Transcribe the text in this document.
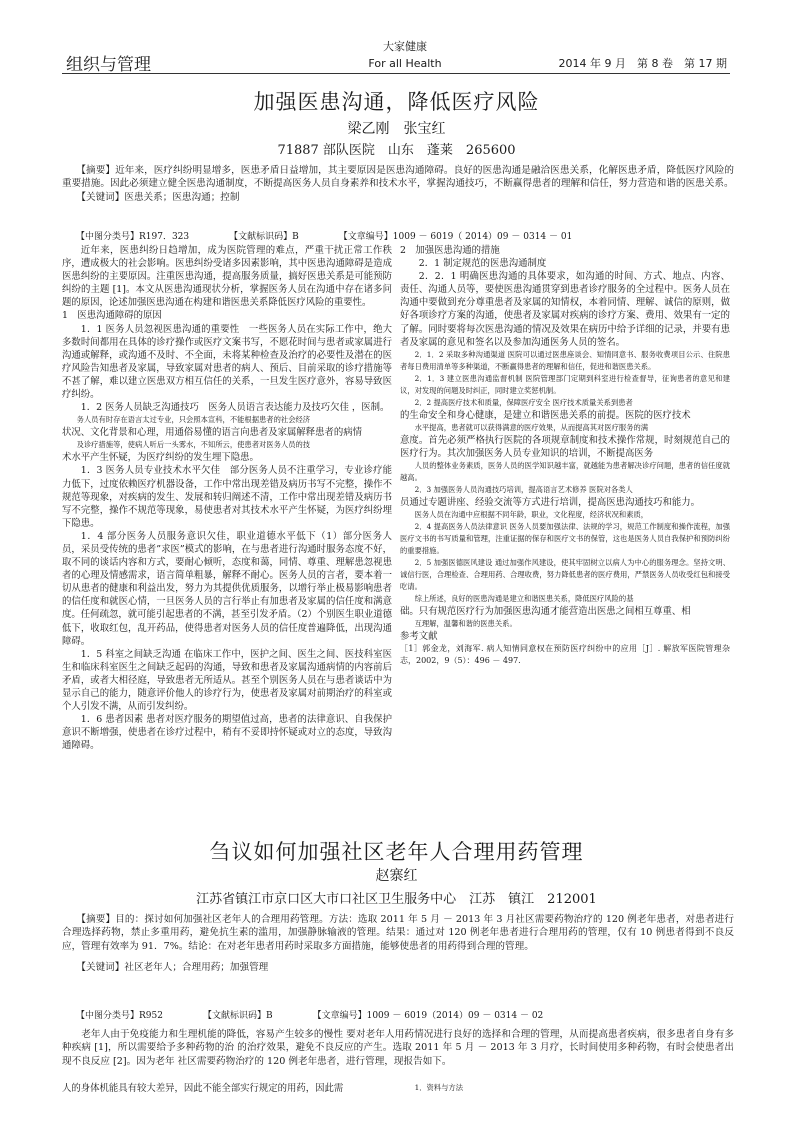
组织与管理
大家健康
For all Health	2014 年 9 月　第 8 卷　第 17 期
加强医患沟通，降低医疗风险
梁乙刚　张宝红
71887 部队医院　山东　蓬莱　265600

【摘要】近年来，医疗纠纷明显增多，医患矛盾日益增加，其主要原因是医患沟通障碍。良好的医患沟通是融洽医患关系，化解医患矛盾，降低医疗风险的重要措施。因此必须建立健全医患沟通制度，不断提高医务人员自身素养和技术水平，掌握沟通技巧，不断赢得患者的理解和信任，努力营造和谐的医患关系。

【关键词】医患关系；医患沟通；控制

【中图分类号】R197．323	【文献标识码】B	【文章编号】1009 － 6019（ 2014）09 － 0314 － 01

近年来，医患纠纷日趋增加，成为医院管理的难点，严重干扰正常工作秩序，遭成极大的社会影响。医患纠纷受诸多因素影响，其中医患沟通障碍是造成医患纠纷的主要原因。注重医患沟通，提高服务质量，搞好医患关系是可能预防纠纷的主题 [1]。本文从医患沟通现状分析，掌握医务人员在沟通中存在诸多问题的原因，论述加强医患沟通在构建和谐医患关系降低医疗风险的重要性。

1　医患沟通障碍的原因

1．1 医务人员忽视医患沟通的重要性　一些医务人员在实际工作中，绝大多数时间都用在具体的诊疗操作或医疗文案书写，不愿花时间与患者或家属进行沟通或解释，或沟通不及时、不全面，未将某种检查及治疗的必要性及潜在的医疗风险告知患者及家属，导致家属对患者的病人、预后、目前采取的诊疗措施等不甚了解，难以建立医患双方相互信任的关系，一旦发生医疗意外，容易导致医疗纠纷。

1．2 医务人员缺乏沟通技巧　医务人员语言表达能力及技巧欠佳 ，医制。

务人员有时存在语言太过专业，只会照本宣科，不能根据患者的社会经济

状况、文化背景和心理，用通俗易懂的语言向患者及家属解释患者的病情

及诊疗措施等，使病人听后一头雾水，不知所云，使患者对医务人员的技

术水平产生怀疑，为医疗纠纷的发生埋下隐患。

1．3 医务人员专业技术水平欠佳　部分医务人员不注重学习，专业诊疗能力低下，过度依赖医疗机器设备，工作中常出现差错及病历书写不完整，操作不规范等现象，对疾病的发生、发展和转归阐述不清，工作中常出现差错及病历书写不完整，操作不规范等现象，易使患者对其技术水平产生怀疑，为医疗纠纷埋下隐患。

1．4 部分医务人员服务意识欠佳，职业道德水平低下（1）部分医务人员，采员受传统的患者”求医”模式的影响，在与患者进行沟通时服务态度不好，取不同的谈话内容和方式，要耐心倾听，态度和蔼，同情、尊重、理解患忽视患者的心理及情感需求，语言简单粗暴，解释不耐心。医务人员的言者，要本着一切从患者的健康和利益出发，努力为其提供优质服务，以增行举止极易影响患者的信任度和就医心情，一旦医务人员的言行举止有加患者及家属的信任度和满意度。任何疏忽，就可能引起患者的不满，甚至引发矛盾。（2）个别医生职业道德低下，收取红包，乱开药品，使得患者对医务人员的信任度普遍降低，出现沟通障碍。

1．5 科室之间缺乏沟通 在临床工作中，医护之间、医生之间、医技科室医生和临床科室医生之间缺乏起码的沟通，导致和患者及家属沟通病情的内容前后矛盾，或者大相径庭，导致患者无所适从。甚至个别医务人员在与患者谈话中为显示自己的能力，随意评价他人的诊疗行为，使患者及家属对前期治疗的科室或个人引发不满，从而引发纠纷。

1．6 患者因素 患者对医疗服务的期望值过高，患者的法律意识、自我保护意识不断增强，使患者在诊疗过程中，稍有不妥即持怀疑或对立的态度，导致沟通障碍。

2　加强医患沟通的措施

2．1 制定规范的医患沟通制度

2．2．1 明确医患沟通的具体要求，如沟通的时间、方式、地点、内容、责任、沟通人员等，要使医患沟通贯穿到患者诊疗服务的全过程中。医务人员在沟通中要做到充分尊重患者及家属的知情权，本着同情、理解、诚信的原则，做好各项诊疗方案的沟通，使患者及家属对疾病的诊疗方案、费用、效果有一定的了解。同时要将每次医患沟通的情况及效果在病历中给予详细的记录，并要有患者及家属的意见和签名以及参加沟通医务人员的签名。

2．1．2 采取多种沟通渠道 医院可以通过医患座谈会、知情同意书、服务收费项目公示、住院患者每日费用清单等多种渠道，不断赢得患者的理解和信任，促进和谐医患关系。

2．1．3 建立医患沟通监督机制 医院管理部门定期到科室进行检查督导，征询患者的意见和建议，对发现的问题及时纠正，同时建立奖惩机制。

2．2 提高医疗技术和质量，保障医疗安全 医疗技术质量关系到患者

的生命安全和身心健康，是建立和谐医患关系的前提。医院的医疗技术

水平提高，患者就可以获得满意的医疗效果，从而提高其对医疗服务的满

意度。首先必须严格执行医院的各项规章制度和技术操作常规，时刻规范自己的医疗行为。其次加强医务人员专业知识的培训，不断提高医务

人员的整体业务素质，医务人员的医学知识越丰富，就越能为患者解决诊疗问题，患者的信任度就越高。

2．3 加强医务人员沟通技巧培训，提高语言艺术修养 医院对各类人

员通过专题讲座、经验交流等方式进行培训，提高医患沟通技巧和能力。

医务人员在沟通中应根据不同年龄，职业，文化程度，经济状况和素质，

2．4 提高医务人员法律意识 医务人员要加强法律、法规的学习，规范工作制度和操作流程，加强医疗文书的书写质量和管理，注重证据的保存和医疗文书的保管，这也是医务人员自我保护和预防纠纷的重要措施。

2．5 加强医德医风建设 通过加强作风建设，使其牢固树立以病人为中心的服务理念。坚持文明、诚信行医，合理检查、合理用药、合理收费，努力降低患者的医疗费用，严禁医务人员收受红包和接受吃请。

综上所述，良好的医患沟通是建立和谐医患关系，降低医疗风险的基

础。只有规范医疗行为加强医患沟通才能营造出医患之间相互尊重、相

互理解，温馨和谐的医患关系。

参考文献

［1］郭金龙，刘海军. 病人知情同意权在预防医疗纠纷中的应用［J］. 解放军医院管理杂志，2002，9（5）：496 － 497.

刍议如何加强社区老年人合理用药管理
赵寨红
江苏省镇江市京口区大市口社区卫生服务中心　江苏　镇江　212001

【摘要】目的：探讨如何加强社区老年人的合理用药管理。方法：选取 2011 年 5 月 － 2013 年 3 月社区需要药物治疗的 120 例老年患者，对患者进行合理选择药物，禁止多重用药，避免抗生素的滥用，加强静脉输液的管理。结果：通过对 120 例老年患者进行合理用药的管理，仅有 10 例患者得到不良反应，管理有效率为 91．7%。结论：在对老年患者用药时采取多方面措施，能够使患者的用药得到合理的管理。

【关键词】社区老年人；合理用药；加强管理

【中图分类号】R952	【文献标识码】B	【文章编号】1009 － 6019（2014）09 － 0314 － 02

老年人由于免疫能力和生理机能的降低，容易产生较多的慢性 要对老年人用药情况进行良好的选择和合理的管理，从而提高患者疾病，很多患者自身有多种疾病 [1]，所以需要给予多种药物的治 的治疗效果，避免不良反应的产生。选取 2011 年 5 月 － 2013 年 3 月疗，长时间使用多种药物，有时会使患者出现不良反应 [2]。因为老年 社区需要药物治疗的 120 例老年患者，进行管理，现报告如下。

人的身体机能具有较大差异，因此不能全部实行规定的用药，因此需	1．资料与方法
